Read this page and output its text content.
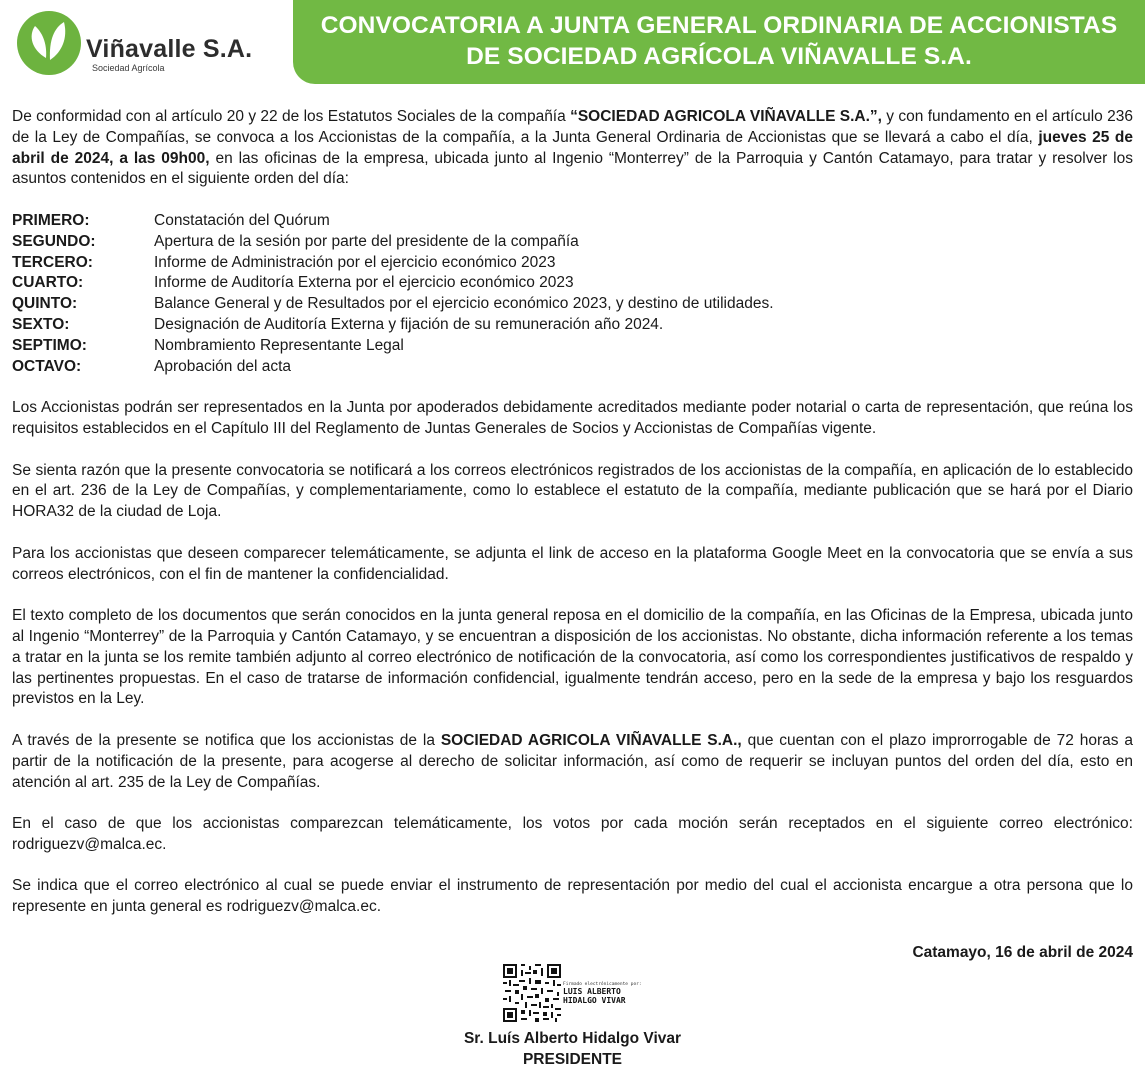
Viñavalle S.A.
Sociedad Agrícola
CONVOCATORIA A JUNTA GENERAL ORDINARIA DE ACCIONISTAS
DE SOCIEDAD AGRÍCOLA VIÑAVALLE S.A.

De conformidad con al artículo 20 y 22 de los Estatutos Sociales de la compañía “SOCIEDAD AGRICOLA VIÑAVALLE S.A.”, y con fundamento en el artículo 236 de la Ley de Compañías, se convoca a los Accionistas de la compañía, a la Junta General Ordinaria de Accionistas que se llevará a cabo el día, jueves 25 de abril de 2024, a las 09h00, en las oficinas de la empresa, ubicada junto al Ingenio “Monterrey” de la Parroquia y Cantón Catamayo, para tratar y resolver los asuntos contenidos en el siguiente orden del día:

PRIMERO:	Constatación del Quórum
SEGUNDO:	Apertura de la sesión por parte del presidente de la compañía
TERCERO:	Informe de Administración por el ejercicio económico 2023
CUARTO:	Informe de Auditoría Externa por el ejercicio económico 2023
QUINTO:	Balance General y de Resultados por el ejercicio económico 2023, y destino de utilidades.
SEXTO:	Designación de Auditoría Externa y fijación de su remuneración año 2024.
SEPTIMO:	Nombramiento Representante Legal
OCTAVO:	Aprobación del acta

Los Accionistas podrán ser representados en la Junta por apoderados debidamente acreditados mediante poder notarial o carta de representación, que reúna los requisitos establecidos en el Capítulo III del Reglamento de Juntas Generales de Socios y Accionistas de Compañías vigente.

Se sienta razón que la presente convocatoria se notificará a los correos electrónicos registrados de los accionistas de la compañía, en aplicación de lo establecido en el art. 236 de la Ley de Compañías, y complementariamente, como lo establece el estatuto de la compañía, mediante publicación que se hará por el Diario HORA32 de la ciudad de Loja.

Para los accionistas que deseen comparecer telemáticamente, se adjunta el link de acceso en la plataforma Google Meet en la convocatoria que se envía a sus correos electrónicos, con el fin de mantener la confidencialidad.

El texto completo de los documentos que serán conocidos en la junta general reposa en el domicilio de la compañía, en las Oficinas de la Empresa, ubicada junto al Ingenio “Monterrey” de la Parroquia y Cantón Catamayo, y se encuentran a disposición de los accionistas. No obstante, dicha información referente a los temas a tratar en la junta se los remite también adjunto al correo electrónico de notificación de la convocatoria, así como los correspondientes justificativos de respaldo y las pertinentes propuestas. En el caso de tratarse de información confidencial, igualmente tendrán acceso, pero en la sede de la empresa y bajo los resguardos previstos en la Ley.

A través de la presente se notifica que los accionistas de la SOCIEDAD AGRICOLA VIÑAVALLE S.A., que cuentan con el plazo improrrogable de 72 horas a partir de la notificación de la presente, para acogerse al derecho de solicitar información, así como de requerir se incluyan puntos del orden del día, esto en atención al art. 235 de la Ley de Compañías.

En el caso de que los accionistas comparezcan telemáticamente, los votos por cada moción serán receptados en el siguiente correo electrónico: rodriguezv@malca.ec.

Se indica que el correo electrónico al cual se puede enviar el instrumento de representación por medio del cual el accionista encargue a otra persona que lo represente en junta general es rodriguezv@malca.ec.

Catamayo, 16 de abril de 2024
Firmado electrónicamente por:
LUIS ALBERTO
HIDALGO VIVAR
Sr. Luís Alberto Hidalgo Vivar
PRESIDENTE
